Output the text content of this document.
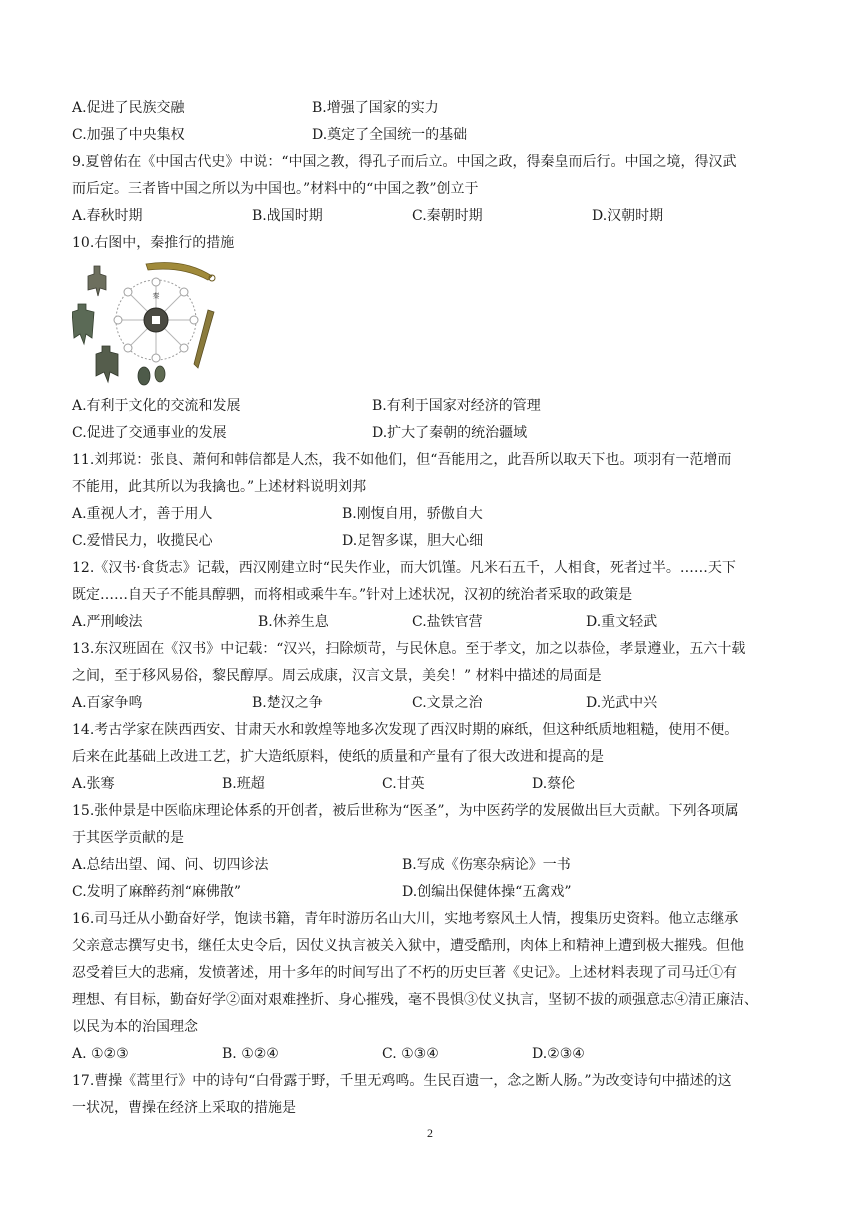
A.促进了民族交融	B.增强了国家的实力
C.加强了中央集权	D.奠定了全国统一的基础
9.夏曾佑在《中国古代史》中说：“中国之教，得孔子而后立。中国之政，得秦皇而后行。中国之境，得汉武
而后定。三者皆中国之所以为中国也。”材料中的“中国之教”创立于
A.春秋时期	B.战国时期	C.秦朝时期	D.汉朝时期
10.右图中，秦推行的措施
秦
A.有利于文化的交流和发展	B.有利于国家对经济的管理
C.促进了交通事业的发展	D.扩大了秦朝的统治疆域
11.刘邦说：张良、萧何和韩信都是人杰，我不如他们，但“吾能用之，此吾所以取天下也。项羽有一范增而
不能用，此其所以为我擒也。”上述材料说明刘邦
A.重视人才，善于用人	B.刚愎自用，骄傲自大
C.爱惜民力，收揽民心	D.足智多谋，胆大心细
12.《汉书·食货志》记载，西汉刚建立时“民失作业，而大饥馑。凡米石五千，人相食，死者过半。……天下
既定……自天子不能具醇驷，而将相或乘牛车。”针对上述状况，汉初的统治者采取的政策是
A.严刑峻法	B.休养生息	C.盐铁官营	D.重文轻武
13.东汉班固在《汉书》中记载：“汉兴，扫除烦苛，与民休息。至于孝文，加之以恭俭，孝景遵业，五六十载
之间，至于移风易俗，黎民醇厚。周云成康，汉言文景，美矣！” 材料中描述的局面是
A.百家争鸣	B.楚汉之争	C.文景之治	D.光武中兴
14.考古学家在陕西西安、甘肃天水和敦煌等地多次发现了西汉时期的麻纸，但这种纸质地粗糙，使用不便。
后来在此基础上改进工艺，扩大造纸原料，使纸的质量和产量有了很大改进和提高的是
A.张骞	B.班超	C.甘英	D.蔡伦
15.张仲景是中医临床理论体系的开创者，被后世称为“医圣”，为中医药学的发展做出巨大贡献。下列各项属
于其医学贡献的是
A.总结出望、闻、问、切四诊法	B.写成《伤寒杂病论》一书
C.发明了麻醉药剂“麻佛散”	D.创编出保健体操“五禽戏”
16.司马迁从小勤奋好学，饱读书籍，青年时游历名山大川，实地考察风土人情，搜集历史资料。他立志继承
父亲意志撰写史书，继任太史令后，因仗义执言被关入狱中，遭受酷刑，肉体上和精神上遭到极大摧残。但他
忍受着巨大的悲痛，发愤著述，用十多年的时间写出了不朽的历史巨著《史记》。上述材料表现了司马迁①有
理想、有目标，勤奋好学②面对艰难挫折、身心摧残，毫不畏惧③仗义执言，坚韧不拔的顽强意志④清正廉洁、
以民为本的治国理念
A. ①②③	B. ①②④	C. ①③④	D.②③④
17.曹操《蒿里行》中的诗句“白骨露于野，千里无鸡鸣。生民百遗一，念之断人肠。”为改变诗句中描述的这
一状况，曹操在经济上采取的措施是
2
